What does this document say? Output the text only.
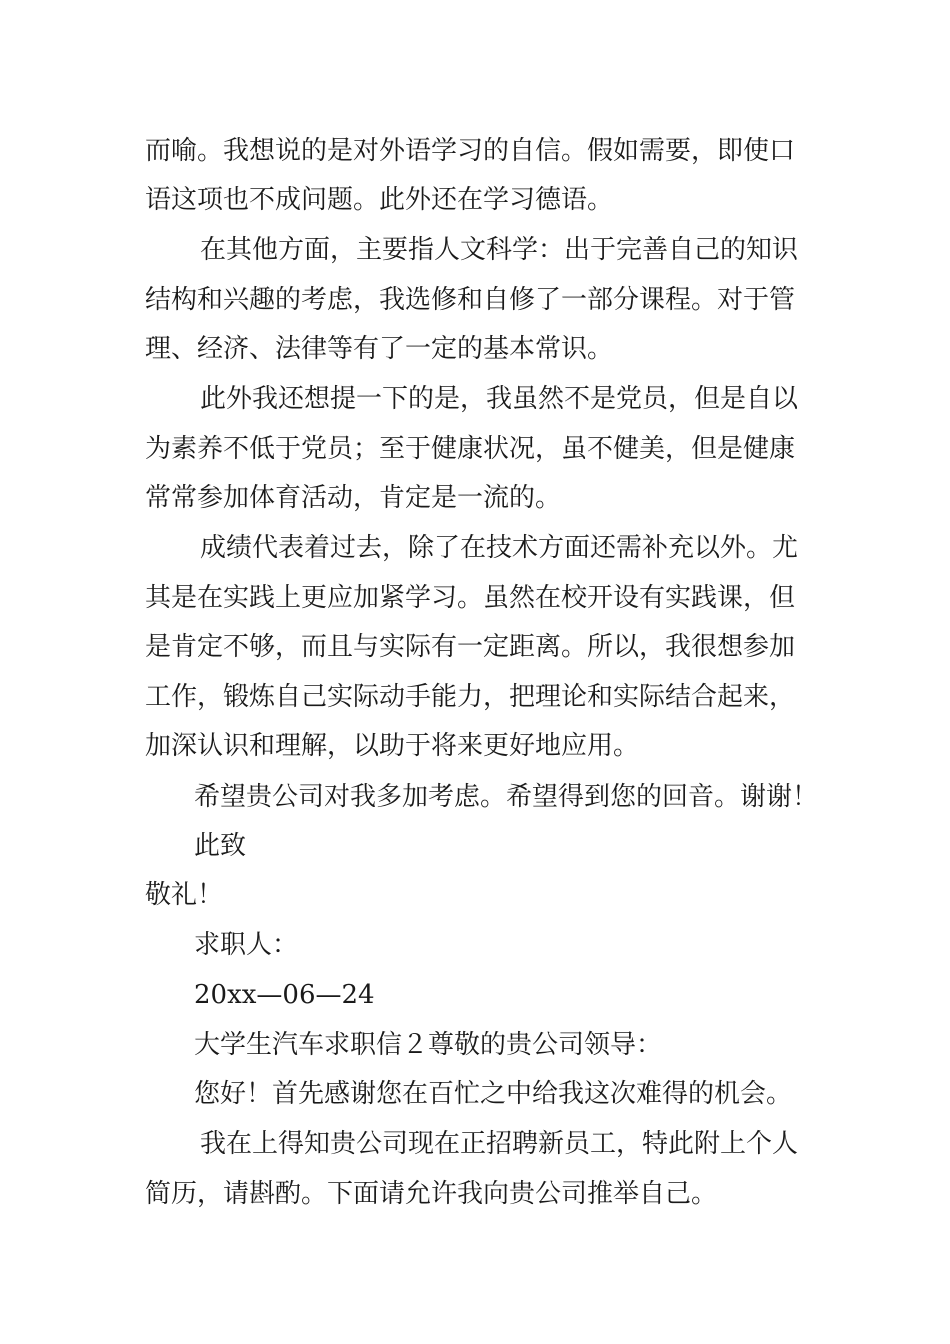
而喻。我想说的是对外语学习的自信。假如需要，即使口
语这项也不成问题。此外还在学习德语。
在其他方面，主要指人文科学：出于完善自己的知识
结构和兴趣的考虑，我选修和自修了一部分课程。对于管
理、经济、法律等有了一定的基本常识。
此外我还想提一下的是，我虽然不是党员，但是自以
为素养不低于党员；至于健康状况，虽不健美，但是健康
常常参加体育活动，肯定是一流的。
成绩代表着过去，除了在技术方面还需补充以外。尤
其是在实践上更应加紧学习。虽然在校开设有实践课，但
是肯定不够，而且与实际有一定距离。所以，我很想参加
工作，锻炼自己实际动手能力，把理论和实际结合起来，
加深认识和理解，以助于将来更好地应用。
希望贵公司对我多加考虑。希望得到您的回音。谢谢！
此致
敬礼！
求职人：
20xx—06—24
大学生汽车求职信２尊敬的贵公司领导：
您好！首先感谢您在百忙之中给我这次难得的机会。
我在上得知贵公司现在正招聘新员工，特此附上个人
简历，请斟酌。下面请允许我向贵公司推举自己。
